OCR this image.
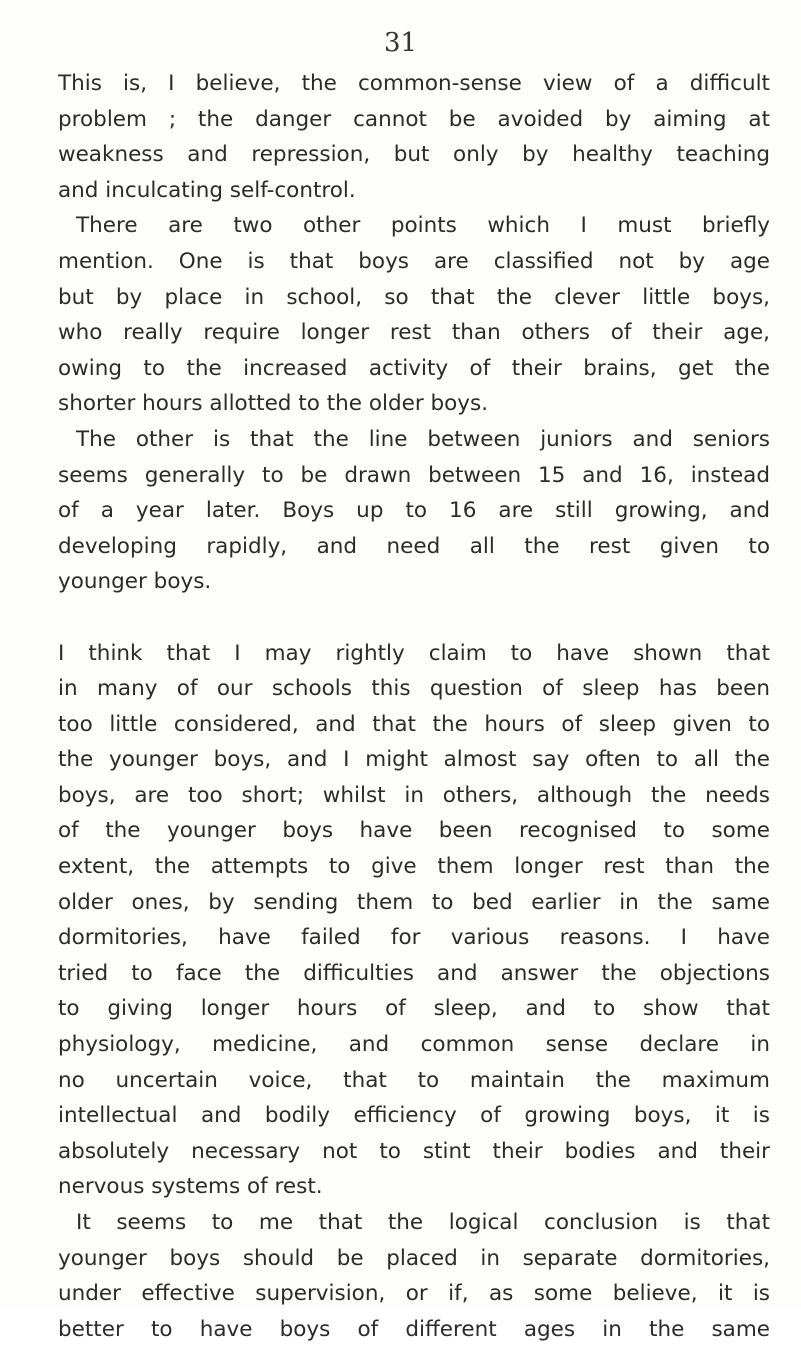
31

This is, I believe, the common-sense view of a difficult
problem ; the danger cannot be avoided by aiming at
weakness and repression, but only by healthy teaching
and inculcating self-control.

There are two other points which I must briefly
mention. One is that boys are classified not by age
but by place in school, so that the clever little boys,
who really require longer rest than others of their age,
owing to the increased activity of their brains, get the
shorter hours allotted to the older boys.

The other is that the line between juniors and seniors
seems generally to be drawn between 15 and 16, instead
of a year later. Boys up to 16 are still growing, and
developing rapidly, and need all the rest given to
younger boys.

I think that I may rightly claim to have shown that
in many of our schools this question of sleep has been
too little considered, and that the hours of sleep given to
the younger boys, and I might almost say often to all the
boys, are too short; whilst in others, although the needs
of the younger boys have been recognised to some
extent, the attempts to give them longer rest than the
older ones, by sending them to bed earlier in the same
dormitories, have failed for various reasons. I have
tried to face the difficulties and answer the objections
to giving longer hours of sleep, and to show that
physiology, medicine, and common sense declare in
no uncertain voice, that to maintain the maximum
intellectual and bodily efficiency of growing boys, it is
absolutely necessary not to stint their bodies and their
nervous systems of rest.

It seems to me that the logical conclusion is that
younger boys should be placed in separate dormitories,
under effective supervision, or if, as some believe, it is
better to have boys of different ages in the same
